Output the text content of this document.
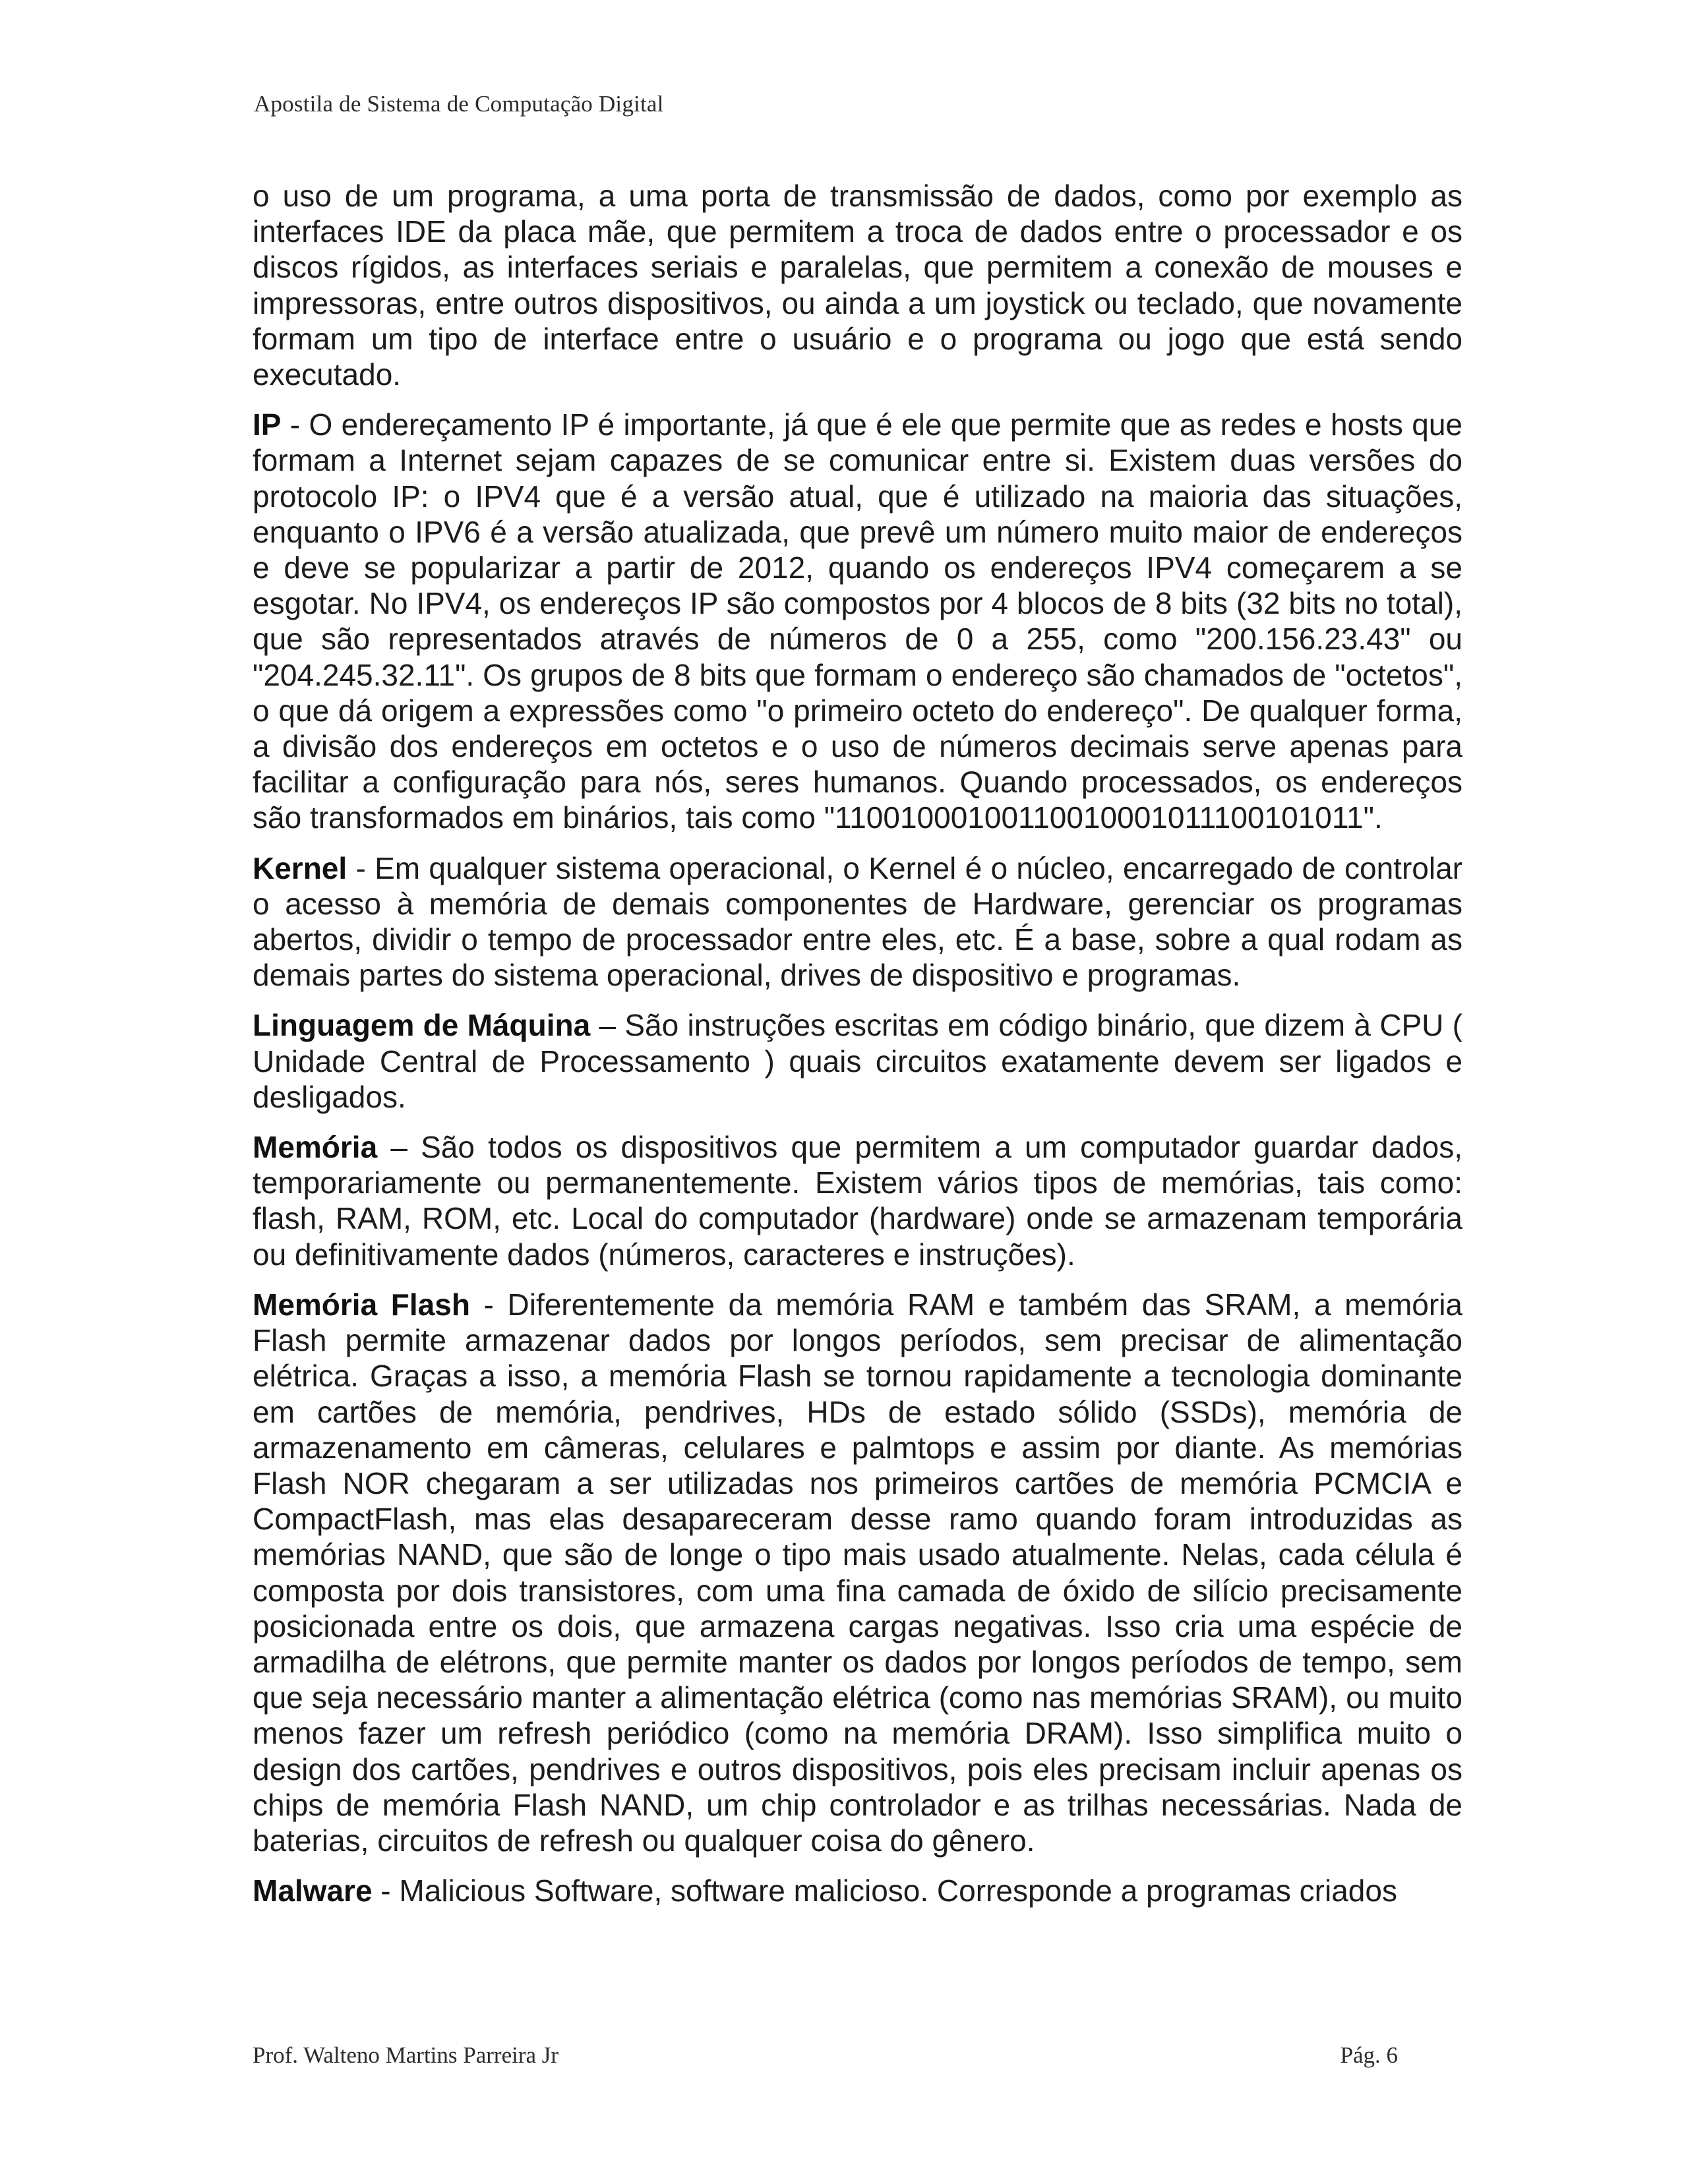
Apostila de Sistema de Computação Digital

o uso de um programa, a uma porta de transmissão de dados, como por exemplo as interfaces IDE da placa mãe, que permitem a troca de dados entre o processador e os discos rígidos, as interfaces seriais e paralelas, que permitem a conexão de mouses e impressoras, entre outros dispositivos, ou ainda a um joystick ou teclado, que novamente formam um tipo de interface entre o usuário e o programa ou jogo que está sendo executado.

IP - O endereçamento IP é importante, já que é ele que permite que as redes e hosts que formam a Internet sejam capazes de se comunicar entre si. Existem duas versões do protocolo IP: o IPV4 que é a versão atual, que é utilizado na maioria das situações, enquanto o IPV6 é a versão atualizada, que prevê um número muito maior de endereços e deve se popularizar a partir de 2012, quando os endereços IPV4 começarem a se esgotar. No IPV4, os endereços IP são compostos por 4 blocos de 8 bits (32 bits no total), que são representados através de números de 0 a 255, como "200.156.23.43" ou "204.245.32.11". Os grupos de 8 bits que formam o endereço são chamados de "octetos", o que dá origem a expressões como "o primeiro octeto do endereço". De qualquer forma, a divisão dos endereços em octetos e o uso de números decimais serve apenas para facilitar a configuração para nós, seres humanos. Quando processados, os endereços são transformados em binários, tais como "11001000100110010001011100101011".

Kernel - Em qualquer sistema operacional, o Kernel é o núcleo, encarregado de controlar o acesso à memória de demais componentes de Hardware, gerenciar os programas abertos, dividir o tempo de processador entre eles, etc. É a base, sobre a qual rodam as demais partes do sistema operacional, drives de dispositivo e programas.

Linguagem de Máquina – São instruções escritas em código binário, que dizem à CPU ( Unidade Central de Processamento ) quais circuitos exatamente devem ser ligados e desligados.

Memória – São todos os dispositivos que permitem a um computador guardar dados, temporariamente ou permanentemente. Existem vários tipos de memórias, tais como: flash, RAM, ROM, etc. Local do computador (hardware) onde se armazenam temporária ou definitivamente dados (números, caracteres e instruções).

Memória Flash - Diferentemente da memória RAM e também das SRAM, a memória Flash permite armazenar dados por longos períodos, sem precisar de alimentação elétrica. Graças a isso, a memória Flash se tornou rapidamente a tecnologia dominante em cartões de memória, pendrives, HDs de estado sólido (SSDs), memória de armazenamento em câmeras, celulares e palmtops e assim por diante. As memórias Flash NOR chegaram a ser utilizadas nos primeiros cartões de memória PCMCIA e CompactFlash, mas elas desapareceram desse ramo quando foram introduzidas as memórias NAND, que são de longe o tipo mais usado atualmente. Nelas, cada célula é composta por dois transistores, com uma fina camada de óxido de silício precisamente posicionada entre os dois, que armazena cargas negativas. Isso cria uma espécie de armadilha de elétrons, que permite manter os dados por longos períodos de tempo, sem que seja necessário manter a alimentação elétrica (como nas memórias SRAM), ou muito menos fazer um refresh periódico (como na memória DRAM). Isso simplifica muito o design dos cartões, pendrives e outros dispositivos, pois eles precisam incluir apenas os chips de memória Flash NAND, um chip controlador e as trilhas necessárias. Nada de baterias, circuitos de refresh ou qualquer coisa do gênero.

Malware - Malicious Software, software malicioso. Corresponde a programas criados

Prof. Walteno Martins Parreira Jr	Pág. 6
